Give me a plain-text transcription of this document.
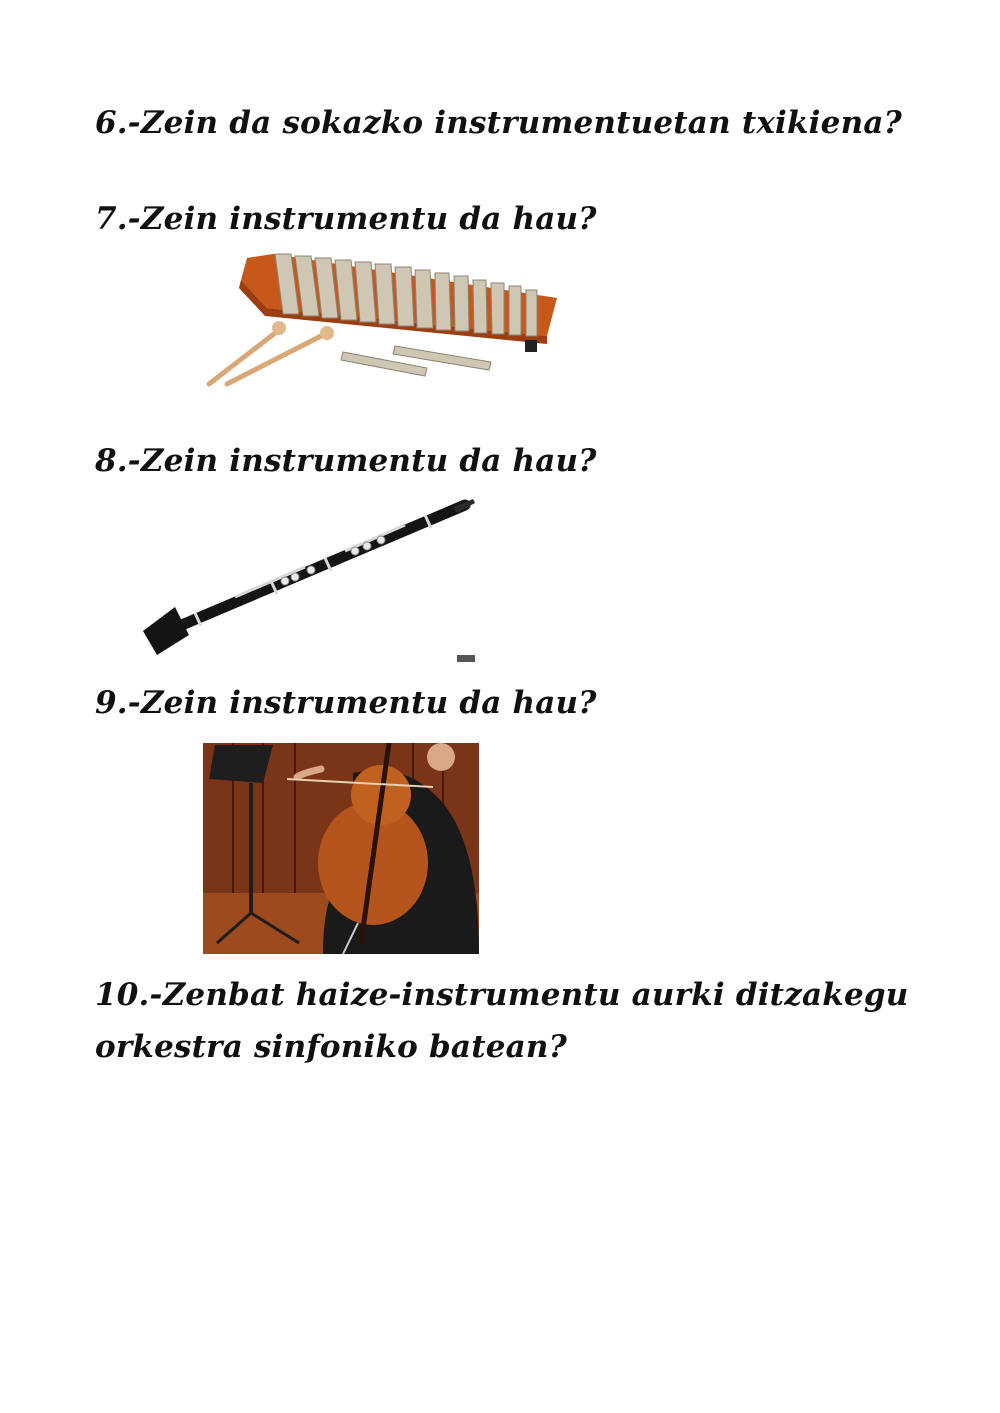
6.-Zein da sokazko instrumentuetan txikiena?
7.-Zein instrumentu da hau?
8.-Zein instrumentu da hau?
9.-Zein instrumentu da hau?
10.-Zenbat haize-instrumentu aurki ditzakegu
orkestra sinfoniko batean?
